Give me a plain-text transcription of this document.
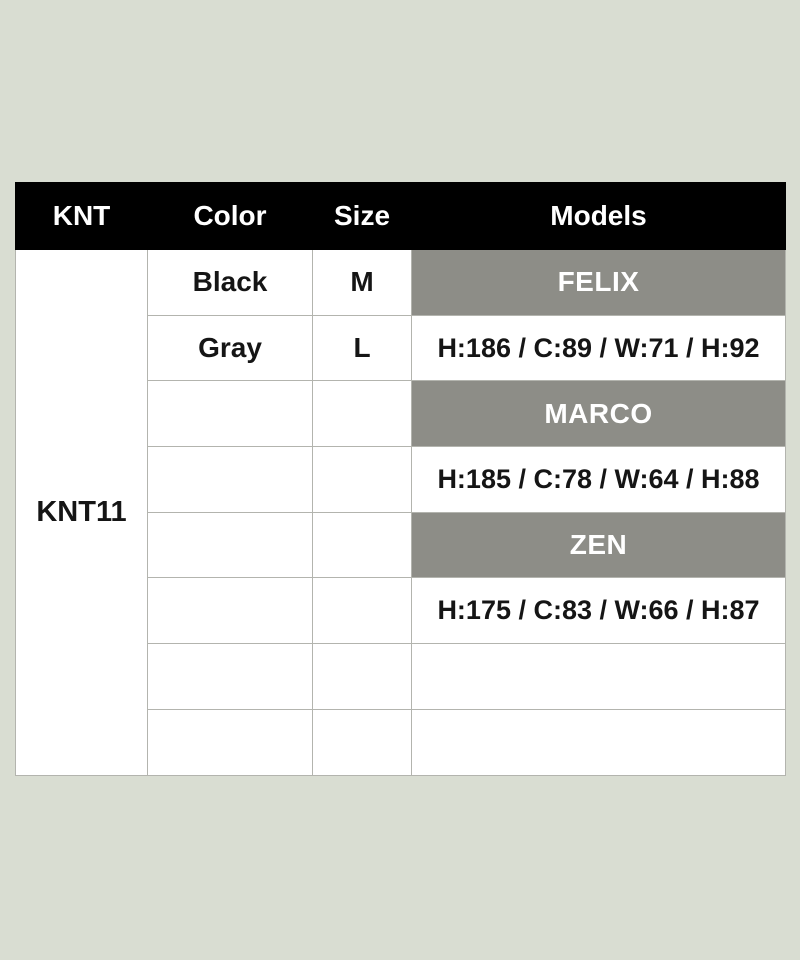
KNT	Color	Size	Models
KNT11	Black	M	FELIX
	Gray	L	H:186 / C:89 / W:71 / H:92
			MARCO
			H:185 / C:78 / W:64 / H:88
			ZEN
			H:175 / C:83 / W:66 / H:87
